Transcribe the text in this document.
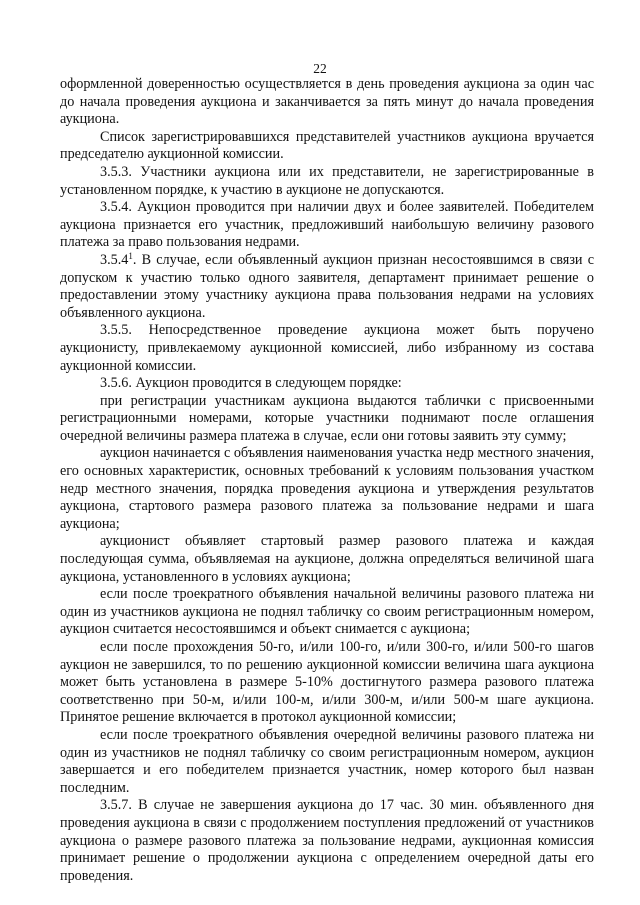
22

оформленной доверенностью осуществляется в день проведения аукциона за один час до начала проведения аукциона и заканчивается за пять минут до начала проведения аукциона.

Список зарегистрировавшихся представителей участников аукциона вручается председателю аукционной комиссии.

3.5.3. Участники аукциона или их представители, не зарегистрированные в установленном порядке, к участию в аукционе не допускаются.

3.5.4. Аукцион проводится при наличии двух и более заявителей. Победителем аукциона признается его участник, предложивший наибольшую величину разового платежа за право пользования недрами.

3.5.4$^1$. В случае, если объявленный аукцион признан несостоявшимся в связи с допуском к участию только одного заявителя, департамент принимает решение о предоставлении этому участнику аукциона права пользования недрами на условиях объявленного аукциона.

3.5.5. Непосредственное проведение аукциона может быть поручено аукционисту, привлекаемому аукционной комиссией, либо избранному из состава аукционной комиссии.

3.5.6. Аукцион проводится в следующем порядке:

при регистрации участникам аукциона выдаются таблички с присвоенными регистрационными номерами, которые участники поднимают после оглашения очередной величины размера платежа в случае, если они готовы заявить эту сумму;

аукцион начинается с объявления наименования участка недр местного значения, его основных характеристик, основных требований к условиям пользования участком недр местного значения, порядка проведения аукциона и утверждения результатов аукциона, стартового размера разового платежа за пользование недрами и шага аукциона;

аукционист объявляет стартовый размер разового платежа и каждая последующая сумма, объявляемая на аукционе, должна определяться величиной шага аукциона, установленного в условиях аукциона;

если после троекратного объявления начальной величины разового платежа ни один из участников аукциона не поднял табличку со своим регистрационным номером, аукцион считается несостоявшимся и объект снимается с аукциона;

если после прохождения 50-го, и/или 100-го, и/или 300-го, и/или 500-го шагов аукцион не завершился, то по решению аукционной комиссии величина шага аукциона может быть установлена в размере 5-10% достигнутого размера разового платежа соответственно при 50-м, и/или 100-м, и/или 300-м, и/или 500-м шаге аукциона. Принятое решение включается в протокол аукционной комиссии;

если после троекратного объявления очередной величины разового платежа ни один из участников не поднял табличку со своим регистрационным номером, аукцион завершается и его победителем признается участник, номер которого был назван последним.

3.5.7. В случае не завершения аукциона до 17 час. 30 мин. объявленного дня проведения аукциона в связи с продолжением поступления предложений от участников аукциона о размере разового платежа за пользование недрами, аукционная комиссия принимает решение о продолжении аукциона с определением очередной даты его проведения.
